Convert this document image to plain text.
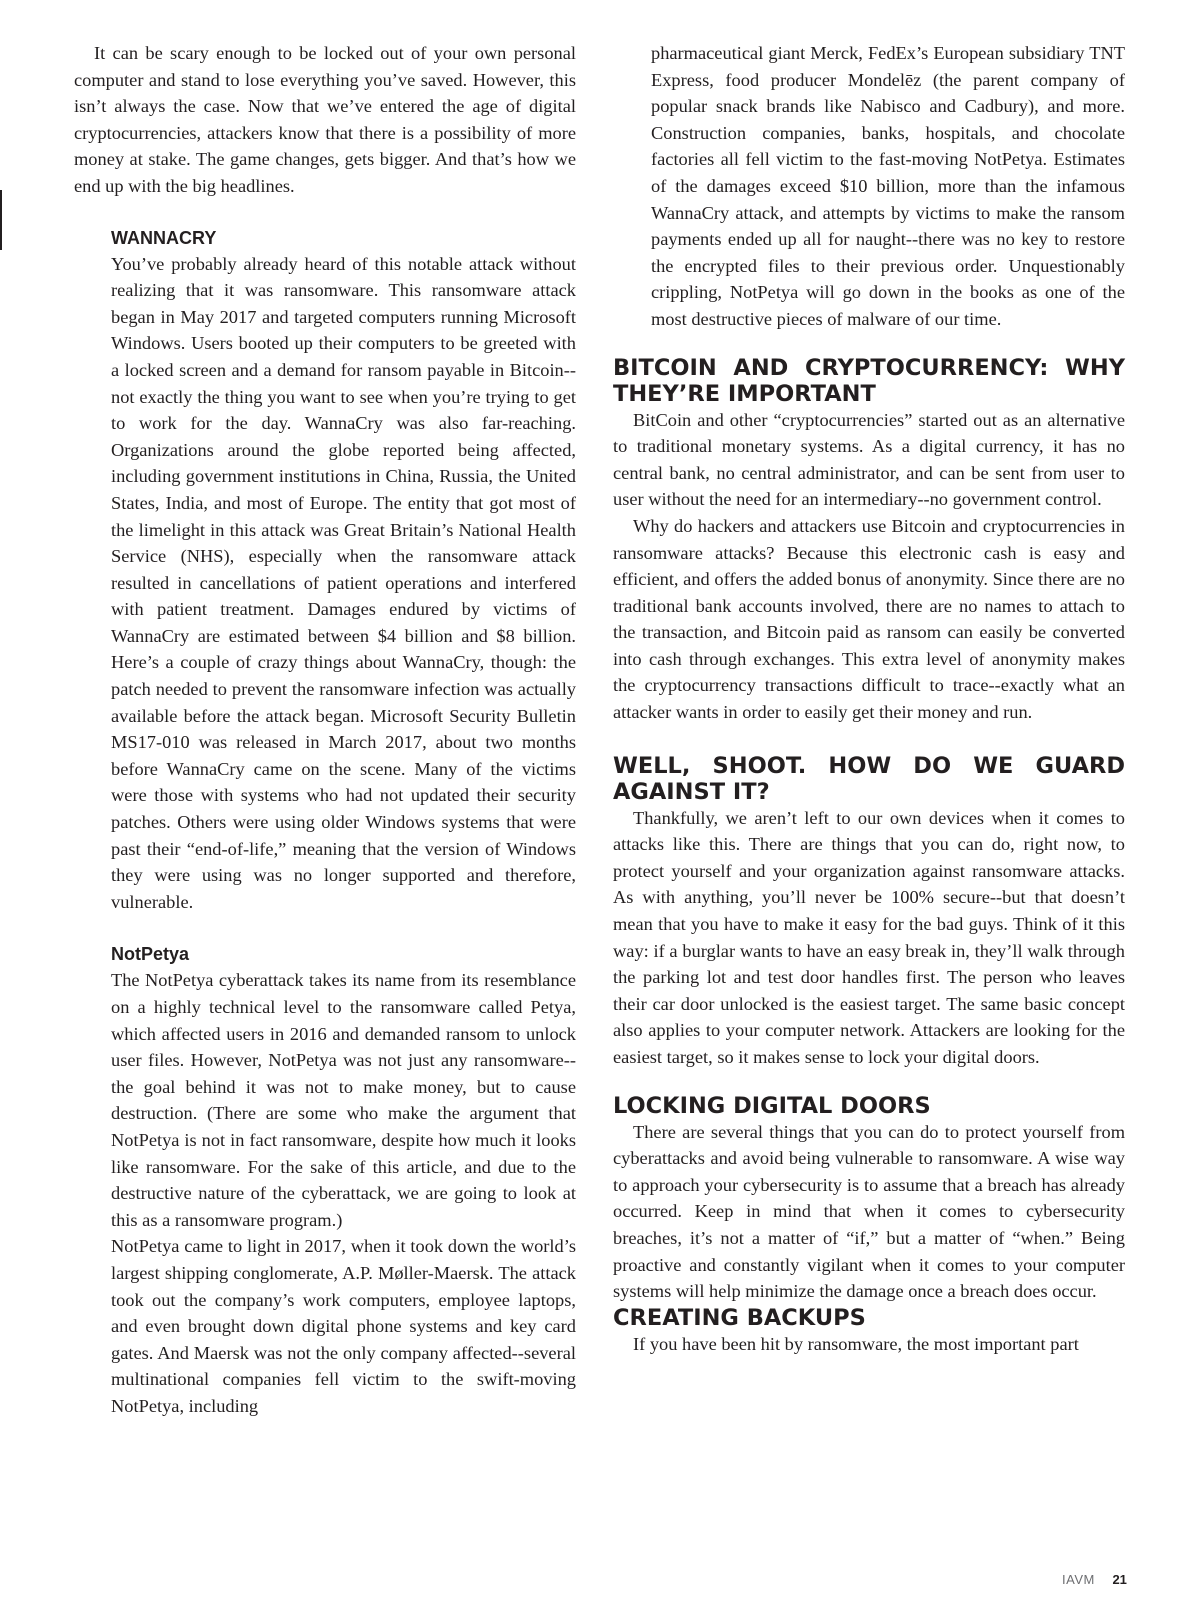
It can be scary enough to be locked out of your own personal computer and stand to lose everything you’ve saved. However, this isn’t always the case. Now that we’ve entered the age of digital cryptocurrencies, attackers know that there is a possibility of more money at stake. The game changes, gets bigger. And that’s how we end up with the big headlines.

WANNACRY

You’ve probably already heard of this notable attack without realizing that it was ransomware. This ransomware attack began in May 2017 and targeted computers running Microsoft Windows. Users booted up their computers to be greeted with a locked screen and a demand for ransom payable in Bitcoin--not exactly the thing you want to see when you’re trying to get to work for the day. WannaCry was also far-reaching. Organizations around the globe reported being affected, including government institutions in China, Russia, the United States, India, and most of Europe. The entity that got most of the limelight in this attack was Great Britain’s National Health Service (NHS), especially when the ransomware attack resulted in cancellations of patient operations and interfered with patient treatment. Damages endured by victims of WannaCry are estimated between $4 billion and $8 billion. Here’s a couple of crazy things about WannaCry, though: the patch needed to prevent the ransomware infection was actually available before the attack began. Microsoft Security Bulletin MS17-010 was released in March 2017, about two months before WannaCry came on the scene. Many of the victims were those with systems who had not updated their security patches. Others were using older Windows systems that were past their “end-of-life,” meaning that the version of Windows they were using was no longer supported and therefore, vulnerable.

NotPetya

The NotPetya cyberattack takes its name from its resemblance on a highly technical level to the ransomware called Petya, which affected users in 2016 and demanded ransom to unlock user files. However, NotPetya was not just any ransomware--the goal behind it was not to make money, but to cause destruction. (There are some who make the argument that NotPetya is not in fact ransomware, despite how much it looks like ransomware. For the sake of this article, and due to the destructive nature of the cyberattack, we are going to look at this as a ransomware program.)

NotPetya came to light in 2017, when it took down the world’s largest shipping conglomerate, A.P. Møller-Maersk. The attack took out the company’s work computers, employee laptops, and even brought down digital phone systems and key card gates. And Maersk was not the only company affected--several multinational companies fell victim to the swift-moving NotPetya, including

pharmaceutical giant Merck, FedEx’s European subsidiary TNT Express, food producer Mondelēz (the parent company of popular snack brands like Nabisco and Cadbury), and more. Construction companies, banks, hospitals, and chocolate factories all fell victim to the fast-moving NotPetya. Estimates of the damages exceed $10 billion, more than the infamous WannaCry attack, and attempts by victims to make the ransom payments ended up all for naught--there was no key to restore the encrypted files to their previous order. Unquestionably crippling, NotPetya will go down in the books as one of the most destructive pieces of malware of our time.

BITCOIN AND CRYPTOCURRENCY: WHY THEY’RE IMPORTANT

BitCoin and other “cryptocurrencies” started out as an alternative to traditional monetary systems. As a digital currency, it has no central bank, no central administrator, and can be sent from user to user without the need for an intermediary--no government control.

Why do hackers and attackers use Bitcoin and cryptocurrencies in ransomware attacks? Because this electronic cash is easy and efficient, and offers the added bonus of anonymity. Since there are no traditional bank accounts involved, there are no names to attach to the transaction, and Bitcoin paid as ransom can easily be converted into cash through exchanges. This extra level of anonymity makes the cryptocurrency transactions difficult to trace--exactly what an attacker wants in order to easily get their money and run.

WELL, SHOOT. HOW DO WE GUARD AGAINST IT?

Thankfully, we aren’t left to our own devices when it comes to attacks like this. There are things that you can do, right now, to protect yourself and your organization against ransomware attacks. As with anything, you’ll never be 100% secure--but that doesn’t mean that you have to make it easy for the bad guys. Think of it this way: if a burglar wants to have an easy break in, they’ll walk through the parking lot and test door handles first. The person who leaves their car door unlocked is the easiest target. The same basic concept also applies to your computer network. Attackers are looking for the easiest target, so it makes sense to lock your digital doors.

LOCKING DIGITAL DOORS

There are several things that you can do to protect yourself from cyberattacks and avoid being vulnerable to ransomware. A wise way to approach your cybersecurity is to assume that a breach has already occurred. Keep in mind that when it comes to cybersecurity breaches, it’s not a matter of “if,” but a matter of “when.” Being proactive and constantly vigilant when it comes to your computer systems will help minimize the damage once a breach does occur.

CREATING BACKUPS

If you have been hit by ransomware, the most important part

IAVM 21
